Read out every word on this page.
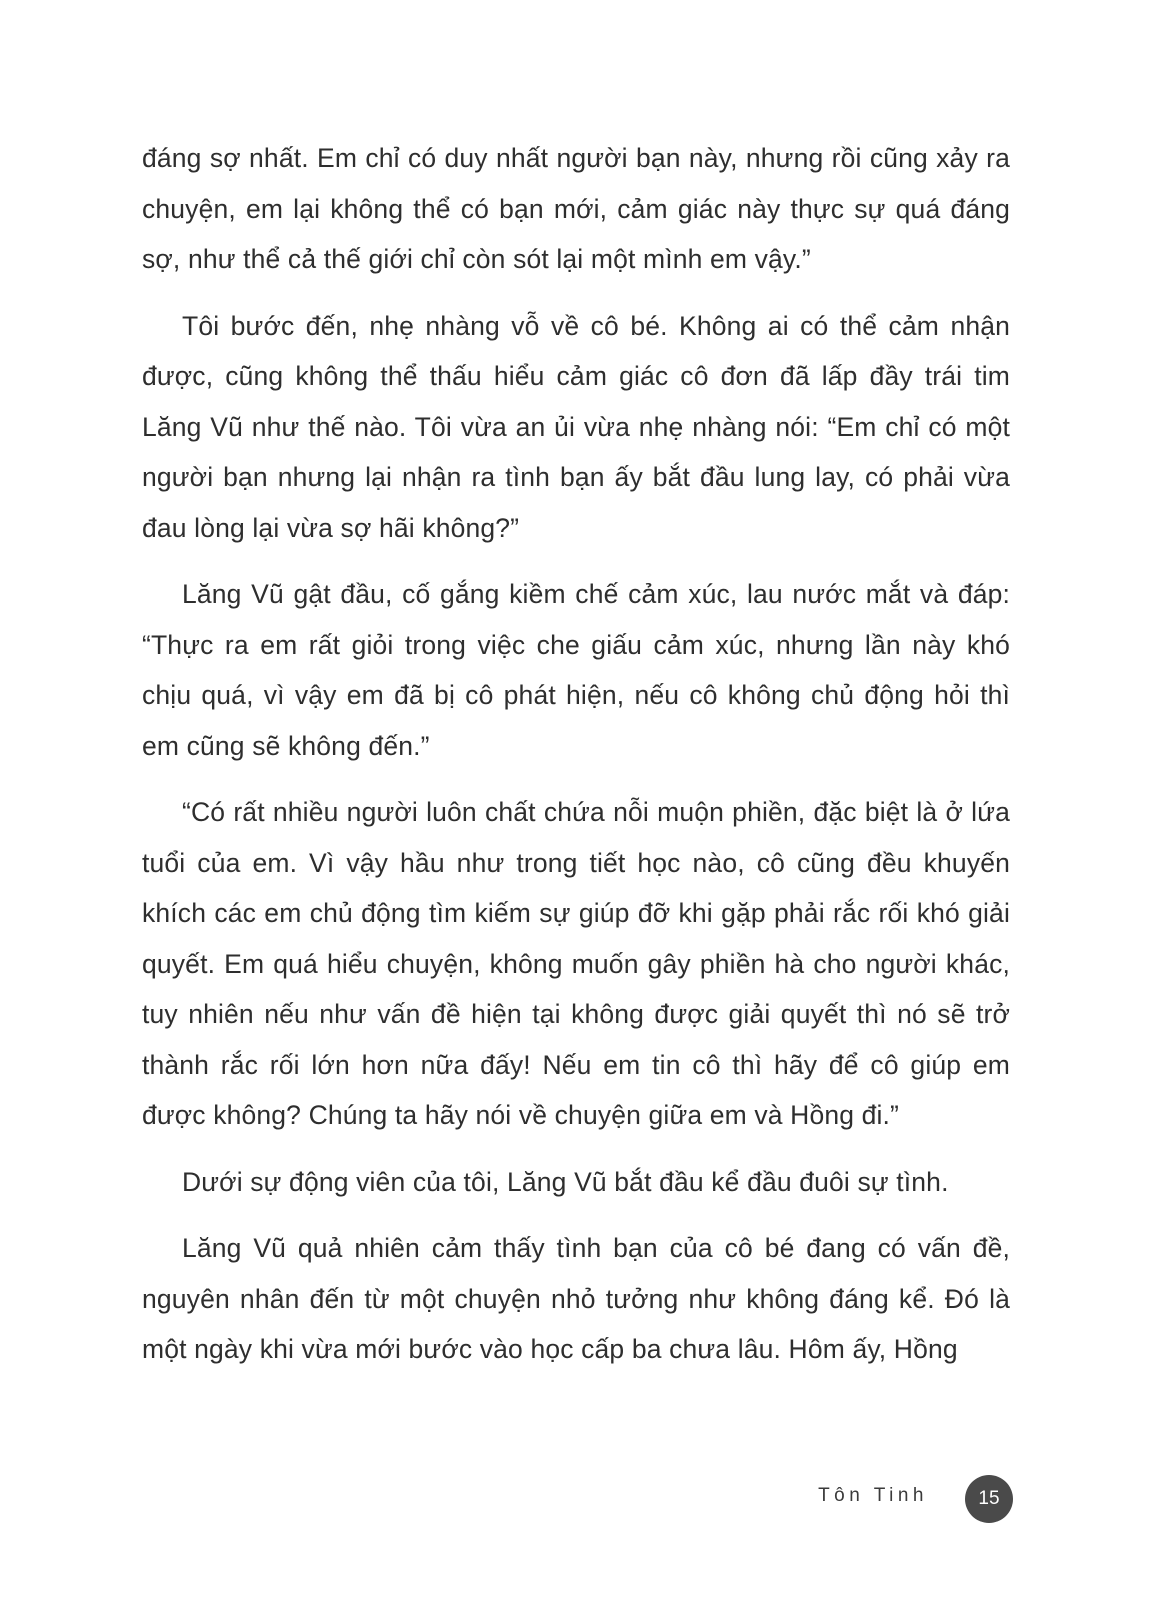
đáng sợ nhất. Em chỉ có duy nhất người bạn này, nhưng rồi cũng xảy ra chuyện, em lại không thể có bạn mới, cảm giác này thực sự quá đáng sợ, như thể cả thế giới chỉ còn sót lại một mình em vậy.”

Tôi bước đến, nhẹ nhàng vỗ về cô bé. Không ai có thể cảm nhận được, cũng không thể thấu hiểu cảm giác cô đơn đã lấp đầy trái tim Lăng Vũ như thế nào. Tôi vừa an ủi vừa nhẹ nhàng nói: “Em chỉ có một người bạn nhưng lại nhận ra tình bạn ấy bắt đầu lung lay, có phải vừa đau lòng lại vừa sợ hãi không?”

Lăng Vũ gật đầu, cố gắng kiềm chế cảm xúc, lau nước mắt và đáp: “Thực ra em rất giỏi trong việc che giấu cảm xúc, nhưng lần này khó chịu quá, vì vậy em đã bị cô phát hiện, nếu cô không chủ động hỏi thì em cũng sẽ không đến.”

“Có rất nhiều người luôn chất chứa nỗi muộn phiền, đặc biệt là ở lứa tuổi của em. Vì vậy hầu như trong tiết học nào, cô cũng đều khuyến khích các em chủ động tìm kiếm sự giúp đỡ khi gặp phải rắc rối khó giải quyết. Em quá hiểu chuyện, không muốn gây phiền hà cho người khác, tuy nhiên nếu như vấn đề hiện tại không được giải quyết thì nó sẽ trở thành rắc rối lớn hơn nữa đấy! Nếu em tin cô thì hãy để cô giúp em được không? Chúng ta hãy nói về chuyện giữa em và Hồng đi.”

Dưới sự động viên của tôi, Lăng Vũ bắt đầu kể đầu đuôi sự tình.

Lăng Vũ quả nhiên cảm thấy tình bạn của cô bé đang có vấn đề, nguyên nhân đến từ một chuyện nhỏ tưởng như không đáng kể. Đó là một ngày khi vừa mới bước vào học cấp ba chưa lâu. Hôm ấy, Hồng

Tôn Tinh	15
